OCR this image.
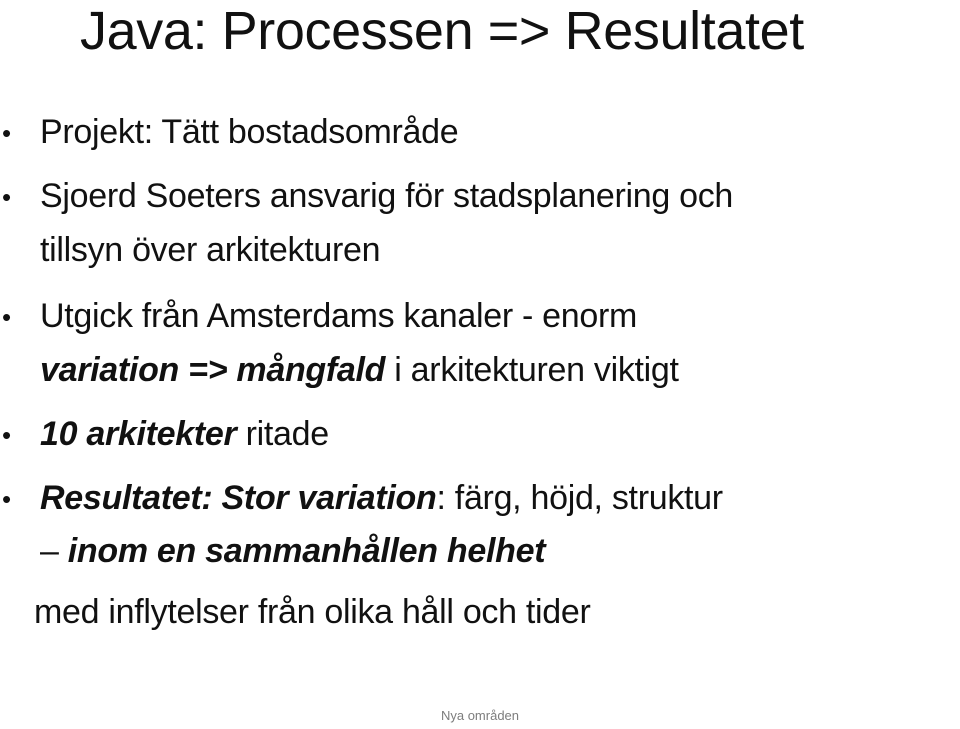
Java: Processen => Resultatet
• Projekt: Tätt bostadsområde
• Sjoerd Soeters ansvarig för stadsplanering och
tillsyn över arkitekturen
• Utgick från Amsterdams kanaler - enorm
variation => mångfald i arkitekturen viktigt
• 10 arkitekter ritade
• Resultatet: Stor variation: färg, höjd, struktur
– inom en sammanhållen helhet
med inflytelser från olika håll och tider
Nya områden
